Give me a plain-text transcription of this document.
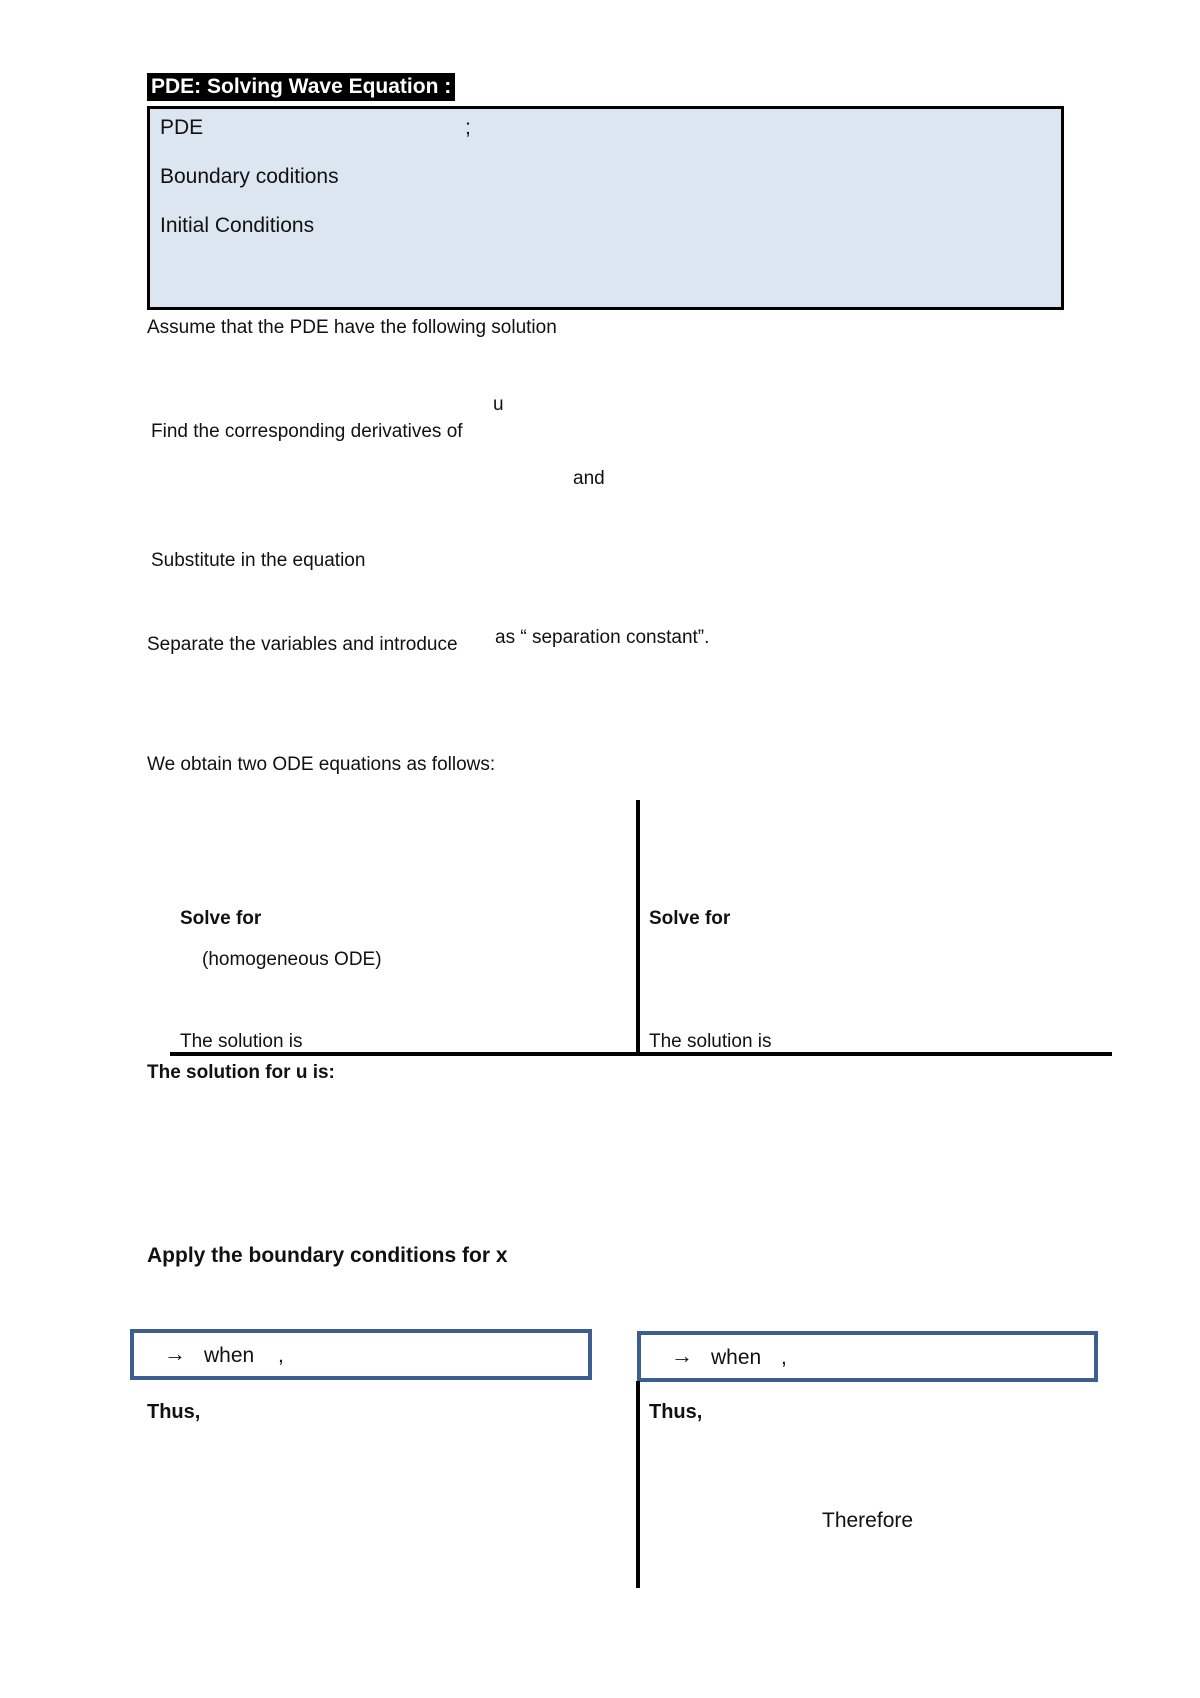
PDE: Solving Wave Equation :
PDE	;
Boundary coditions
Initial Conditions
Assume that the PDE have the following solution
u
Find the corresponding derivatives of
and
Substitute in the equation
Separate the variables and introduce as “ separation constant”.
We obtain two ODE equations as follows:
Solve for
(homogeneous ODE)
The solution is
Solve for
The solution is
The solution for u is:
Apply the boundary conditions for x
→ when ,	→ when ,
Thus,	Thus,
Therefore
